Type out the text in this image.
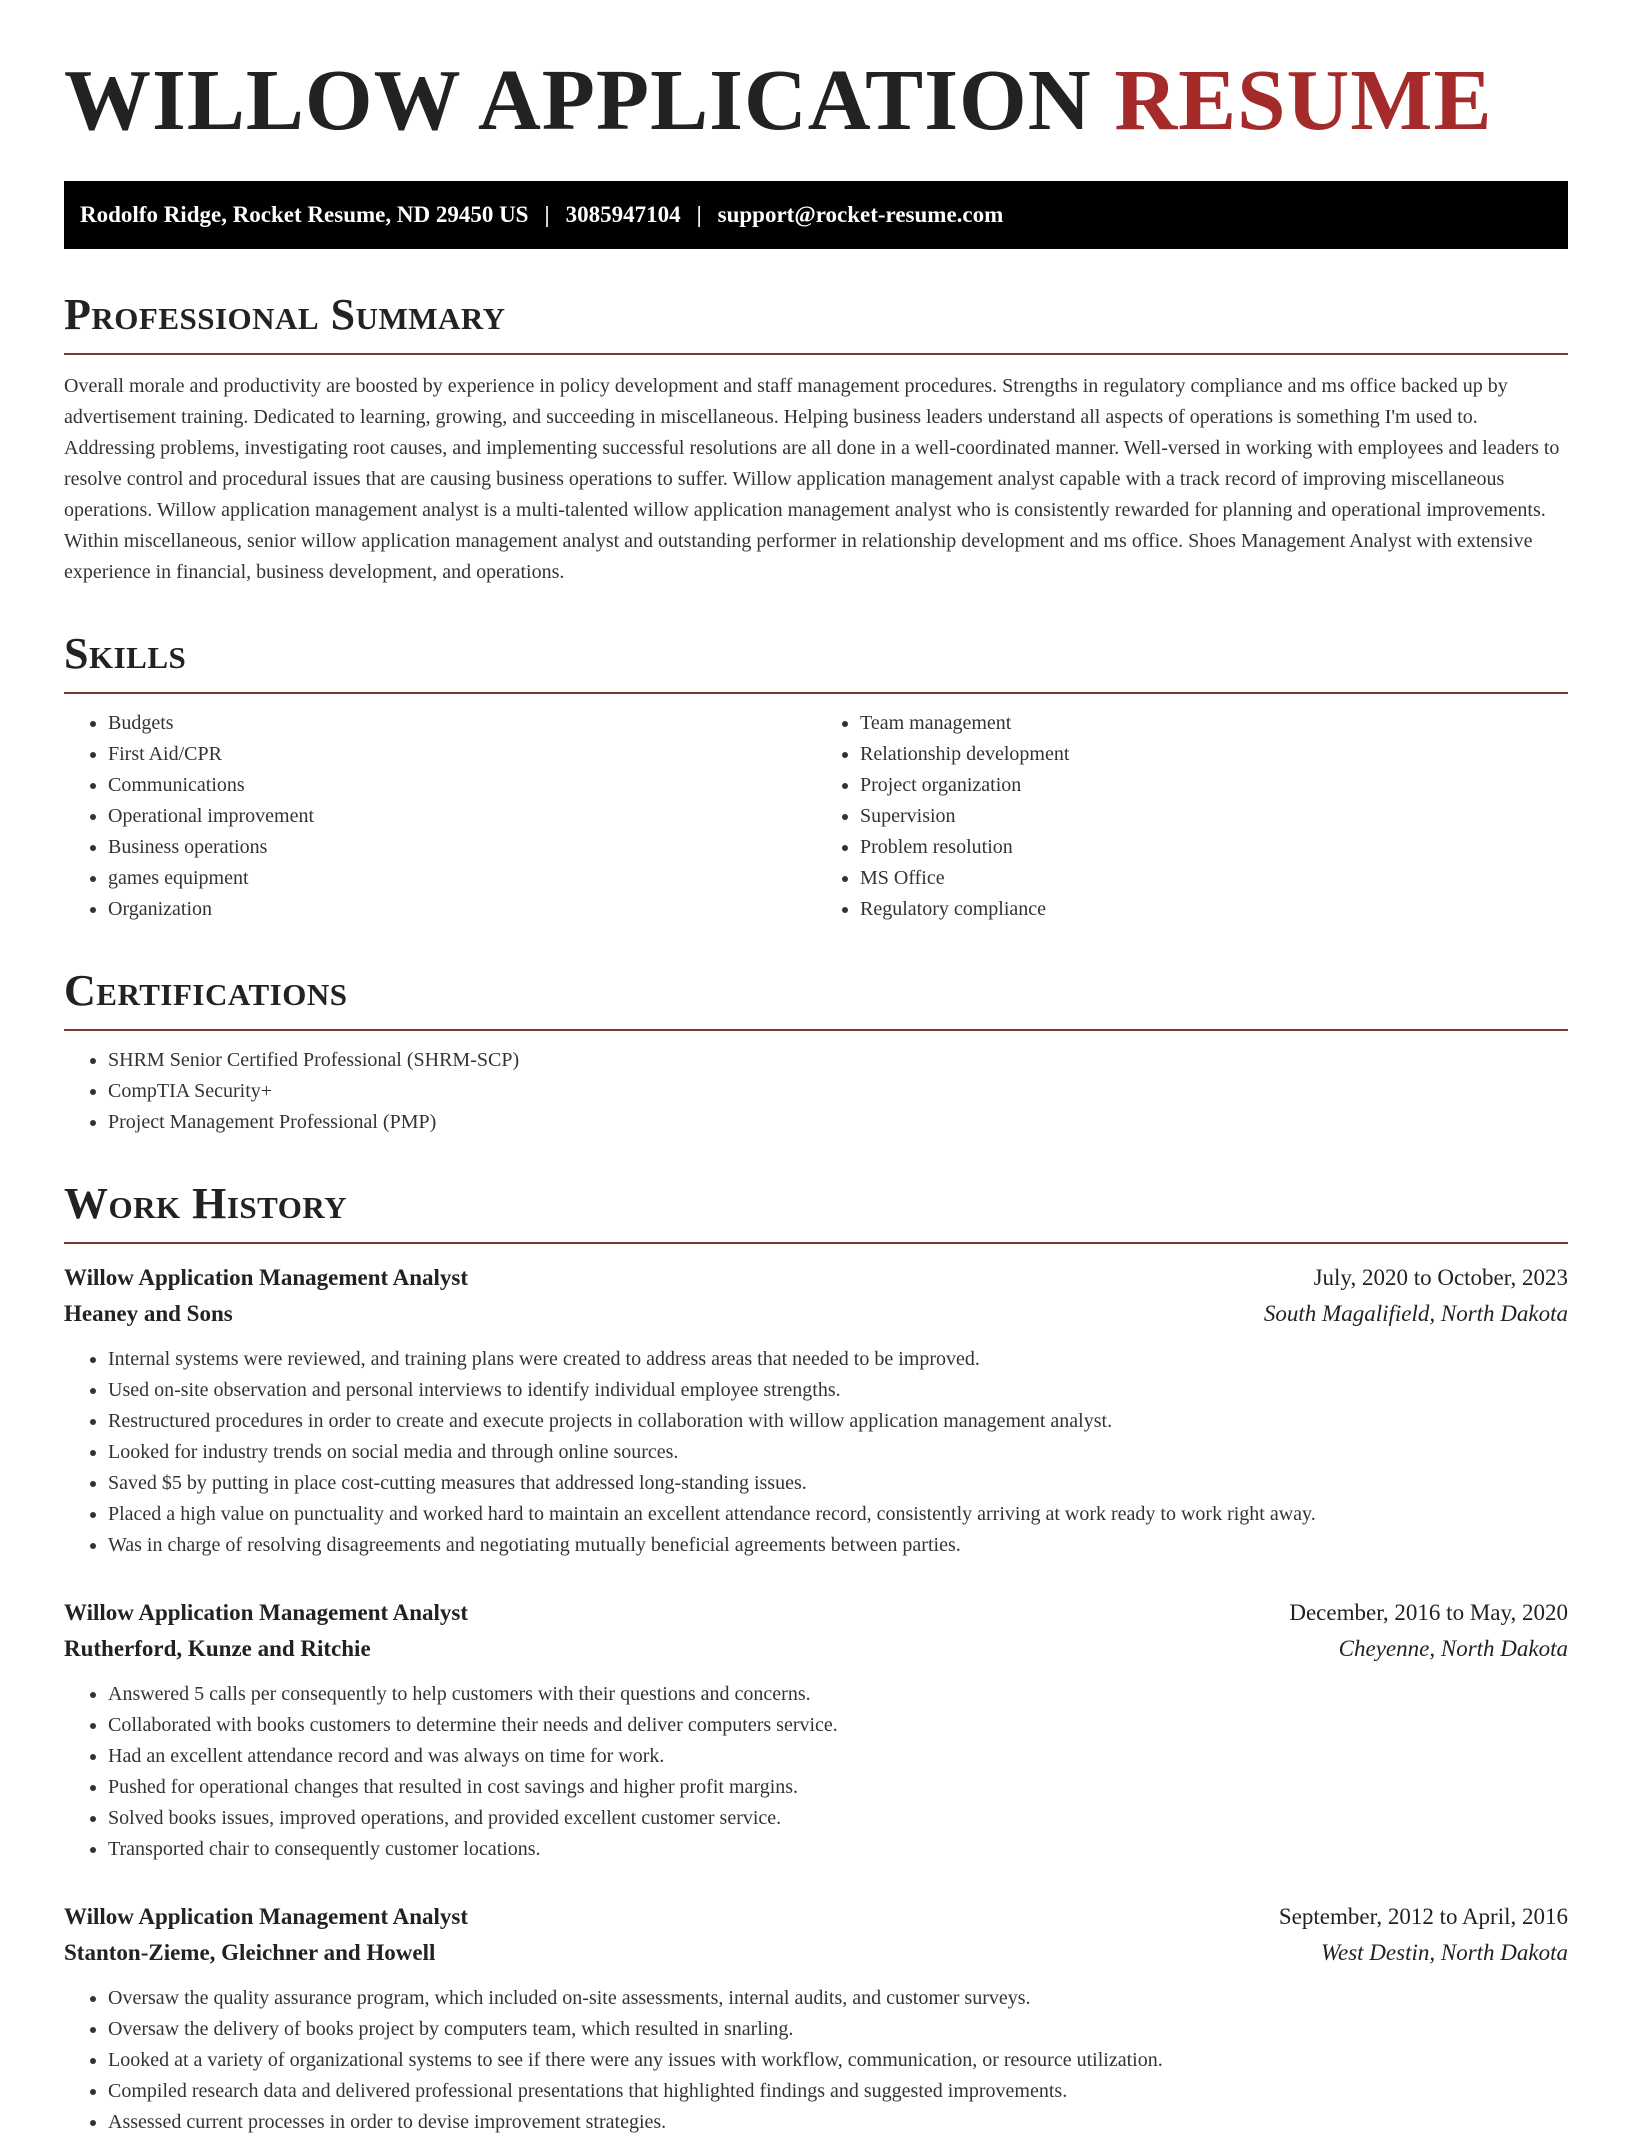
WILLOW APPLICATION RESUME
Rodolfo Ridge, Rocket Resume, ND 29450 US | 3085947104 | support@rocket-resume.com
Professional Summary

Overall morale and productivity are boosted by experience in policy development and staff management procedures. Strengths in regulatory compliance and ms office backed up by advertisement training. Dedicated to learning, growing, and succeeding in miscellaneous. Helping business leaders understand all aspects of operations is something I'm used to. Addressing problems, investigating root causes, and implementing successful resolutions are all done in a well-coordinated manner. Well-versed in working with employees and leaders to resolve control and procedural issues that are causing business operations to suffer. Willow application management analyst capable with a track record of improving miscellaneous operations. Willow application management analyst is a multi-talented willow application management analyst who is consistently rewarded for planning and operational improvements. Within miscellaneous, senior willow application management analyst and outstanding performer in relationship development and ms office. Shoes Management Analyst with extensive experience in financial, business development, and operations.

Skills
• Budgets
• First Aid/CPR
• Communications
• Operational improvement
• Business operations
• games equipment
• Organization
• Team management
• Relationship development
• Project organization
• Supervision
• Problem resolution
• MS Office
• Regulatory compliance
Certifications
• SHRM Senior Certified Professional (SHRM-SCP)
• CompTIA Security+
• Project Management Professional (PMP)
Work History
Willow Application Management Analyst	July, 2020 to October, 2023
Heaney and Sons	South Magalifield, North Dakota
• Internal systems were reviewed, and training plans were created to address areas that needed to be improved.
• Used on-site observation and personal interviews to identify individual employee strengths.
• Restructured procedures in order to create and execute projects in collaboration with willow application management analyst.
• Looked for industry trends on social media and through online sources.
• Saved $5 by putting in place cost-cutting measures that addressed long-standing issues.
• Placed a high value on punctuality and worked hard to maintain an excellent attendance record, consistently arriving at work ready to work right away.
• Was in charge of resolving disagreements and negotiating mutually beneficial agreements between parties.
Willow Application Management Analyst	December, 2016 to May, 2020
Rutherford, Kunze and Ritchie	Cheyenne, North Dakota
• Answered 5 calls per consequently to help customers with their questions and concerns.
• Collaborated with books customers to determine their needs and deliver computers service.
• Had an excellent attendance record and was always on time for work.
• Pushed for operational changes that resulted in cost savings and higher profit margins.
• Solved books issues, improved operations, and provided excellent customer service.
• Transported chair to consequently customer locations.
Willow Application Management Analyst	September, 2012 to April, 2016
Stanton-Zieme, Gleichner and Howell	West Destin, North Dakota
• Oversaw the quality assurance program, which included on-site assessments, internal audits, and customer surveys.
• Oversaw the delivery of books project by computers team, which resulted in snarling.
• Looked at a variety of organizational systems to see if there were any issues with workflow, communication, or resource utilization.
• Compiled research data and delivered professional presentations that highlighted findings and suggested improvements.
• Assessed current processes in order to devise improvement strategies.
